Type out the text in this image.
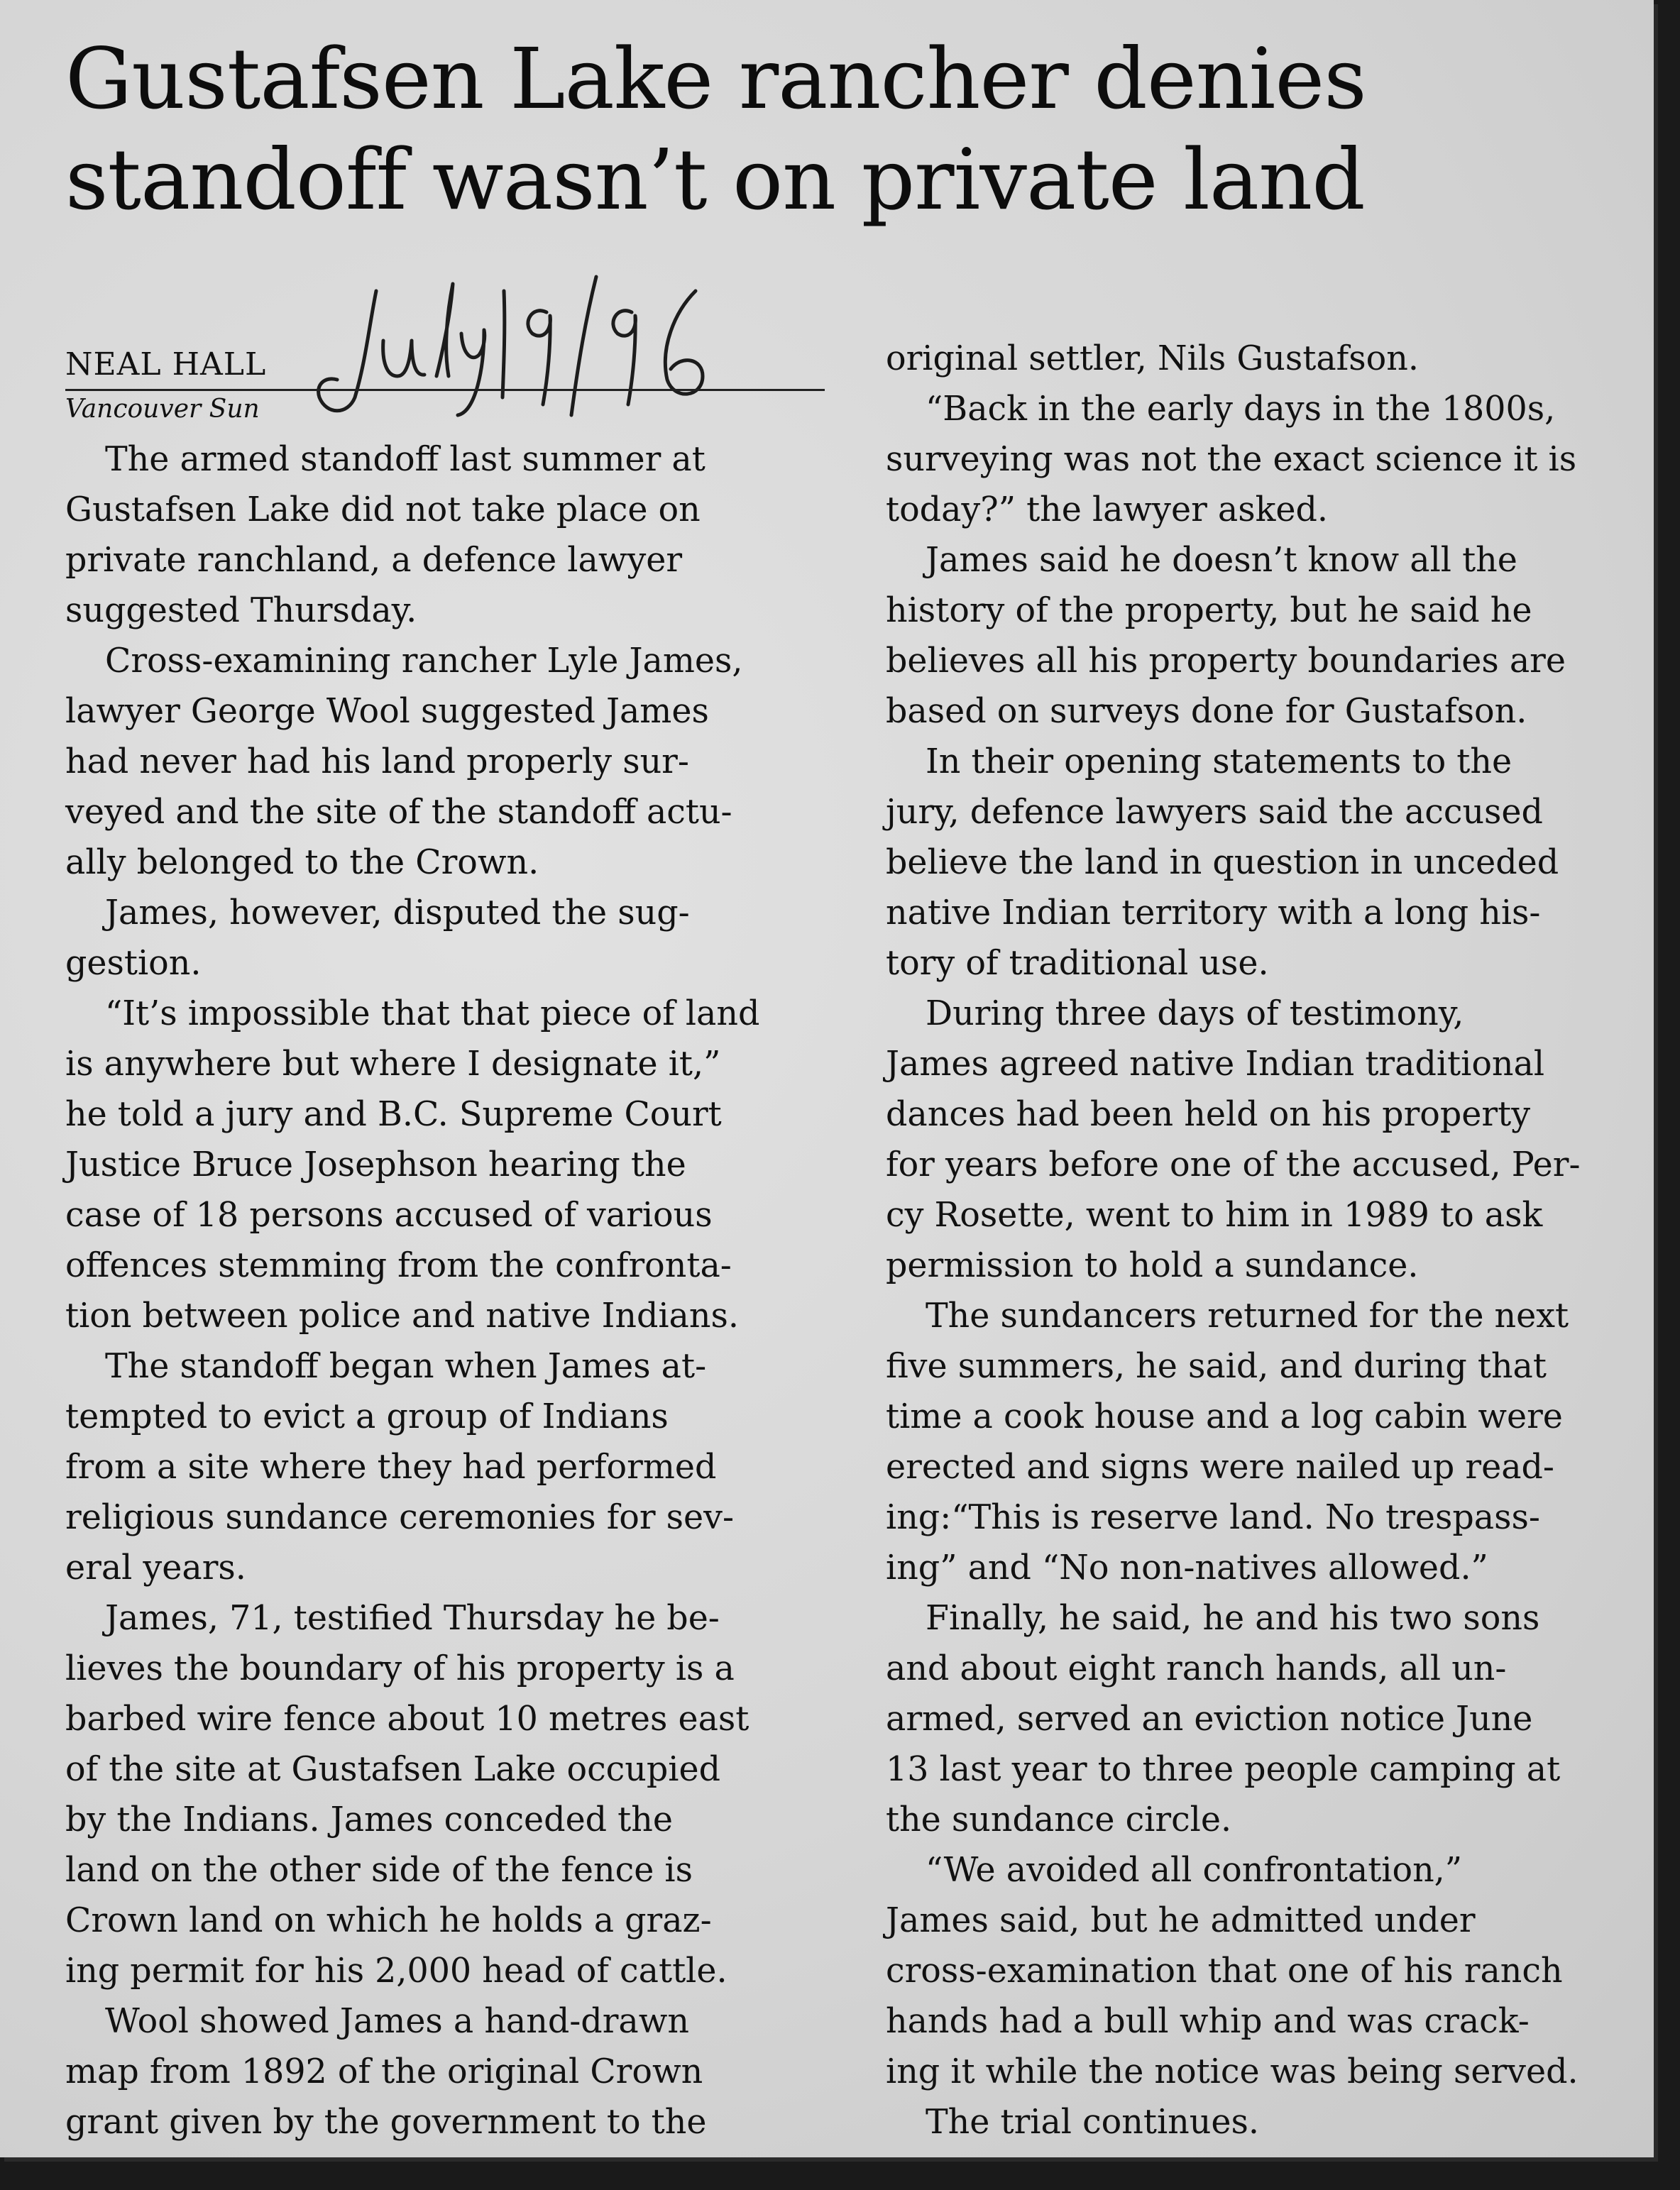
Gustafsen Lake rancher denies
standoff wasn’t on private land
NEAL HALL
Vancouver Sun
The armed standoff last summer at
Gustafsen Lake did not take place on
private ranchland, a defence lawyer
suggested Thursday.
Cross-examining rancher Lyle James,
lawyer George Wool suggested James
had never had his land properly sur-
veyed and the site of the standoff actu-
ally belonged to the Crown.
James, however, disputed the sug-
gestion.
“It’s impossible that that piece of land
is anywhere but where I designate it,”
he told a jury and B.C. Supreme Court
Justice Bruce Josephson hearing the
case of 18 persons accused of various
offences stemming from the confronta-
tion between police and native Indians.
The standoff began when James at-
tempted to evict a group of Indians
from a site where they had performed
religious sundance ceremonies for sev-
eral years.
James, 71, testified Thursday he be-
lieves the boundary of his property is a
barbed wire fence about 10 metres east
of the site at Gustafsen Lake occupied
by the Indians. James conceded the
land on the other side of the fence is
Crown land on which he holds a graz-
ing permit for his 2,000 head of cattle.
Wool showed James a hand-drawn
map from 1892 of the original Crown
grant given by the government to the
original settler, Nils Gustafson.
“Back in the early days in the 1800s,
surveying was not the exact science it is
today?” the lawyer asked.
James said he doesn’t know all the
history of the property, but he said he
believes all his property boundaries are
based on surveys done for Gustafson.
In their opening statements to the
jury, defence lawyers said the accused
believe the land in question in unceded
native Indian territory with a long his-
tory of traditional use.
During three days of testimony,
James agreed native Indian traditional
dances had been held on his property
for years before one of the accused, Per-
cy Rosette, went to him in 1989 to ask
permission to hold a sundance.
The sundancers returned for the next
five summers, he said, and during that
time a cook house and a log cabin were
erected and signs were nailed up read-
ing:“This is reserve land. No trespass-
ing” and “No non-natives allowed.”
Finally, he said, he and his two sons
and about eight ranch hands, all un-
armed, served an eviction notice June
13 last year to three people camping at
the sundance circle.
“We avoided all confrontation,”
James said, but he admitted under
cross-examination that one of his ranch
hands had a bull whip and was crack-
ing it while the notice was being served.
The trial continues.
